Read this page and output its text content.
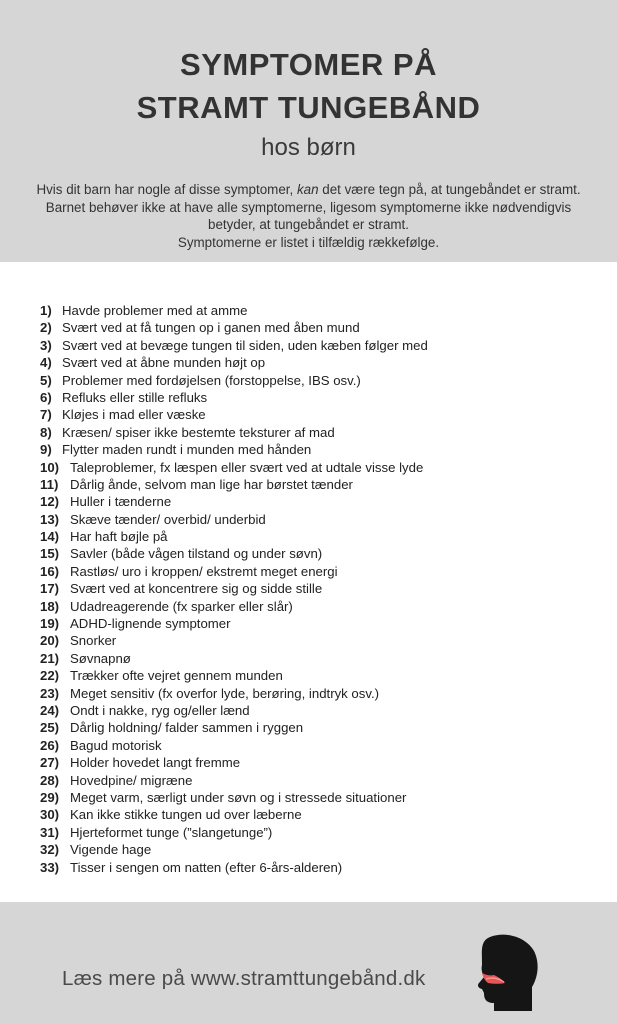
SYMPTOMER PÅ
STRAMT TUNGEBÅND
hos børn
Hvis dit barn har nogle af disse symptomer, kan det være tegn på, at tungebåndet er stramt. Barnet behøver ikke at have alle symptomerne, ligesom symptomerne ikke nødvendigvis betyder, at tungebåndet er stramt.
Symptomerne er listet i tilfældig rækkefølge.
1) Havde problemer med at amme
2) Svært ved at få tungen op i ganen med åben mund
3) Svært ved at bevæge tungen til siden, uden kæben følger med
4) Svært ved at åbne munden højt op
5) Problemer med fordøjelsen (forstoppelse, IBS osv.)
6) Refluks eller stille refluks
7) Kløjes i mad eller væske
8) Kræsen/ spiser ikke bestemte teksturer af mad
9) Flytter maden rundt i munden med hånden
10) Taleproblemer, fx læspen eller svært ved at udtale visse lyde
11) Dårlig ånde, selvom man lige har børstet tænder
12) Huller i tænderne
13) Skæve tænder/ overbid/ underbid
14) Har haft bøjle på
15) Savler (både vågen tilstand og under søvn)
16) Rastløs/ uro i kroppen/ ekstremt meget energi
17) Svært ved at koncentrere sig og sidde stille
18) Udadreagerende (fx sparker eller slår)
19) ADHD-lignende symptomer
20) Snorker
21) Søvnapnø
22) Trækker ofte vejret gennem munden
23) Meget sensitiv (fx overfor lyde, berøring, indtryk osv.)
24) Ondt i nakke, ryg og/eller lænd
25) Dårlig holdning/ falder sammen i ryggen
26) Bagud motorisk
27) Holder hovedet langt fremme
28) Hovedpine/ migræne
29) Meget varm, særligt under søvn og i stressede situationer
30) Kan ikke stikke tungen ud over læberne
31) Hjerteformet tunge (”slangetunge”)
32) Vigende hage
33) Tisser i sengen om natten (efter 6-års-alderen)
Læs mere på www.stramttungebånd.dk
